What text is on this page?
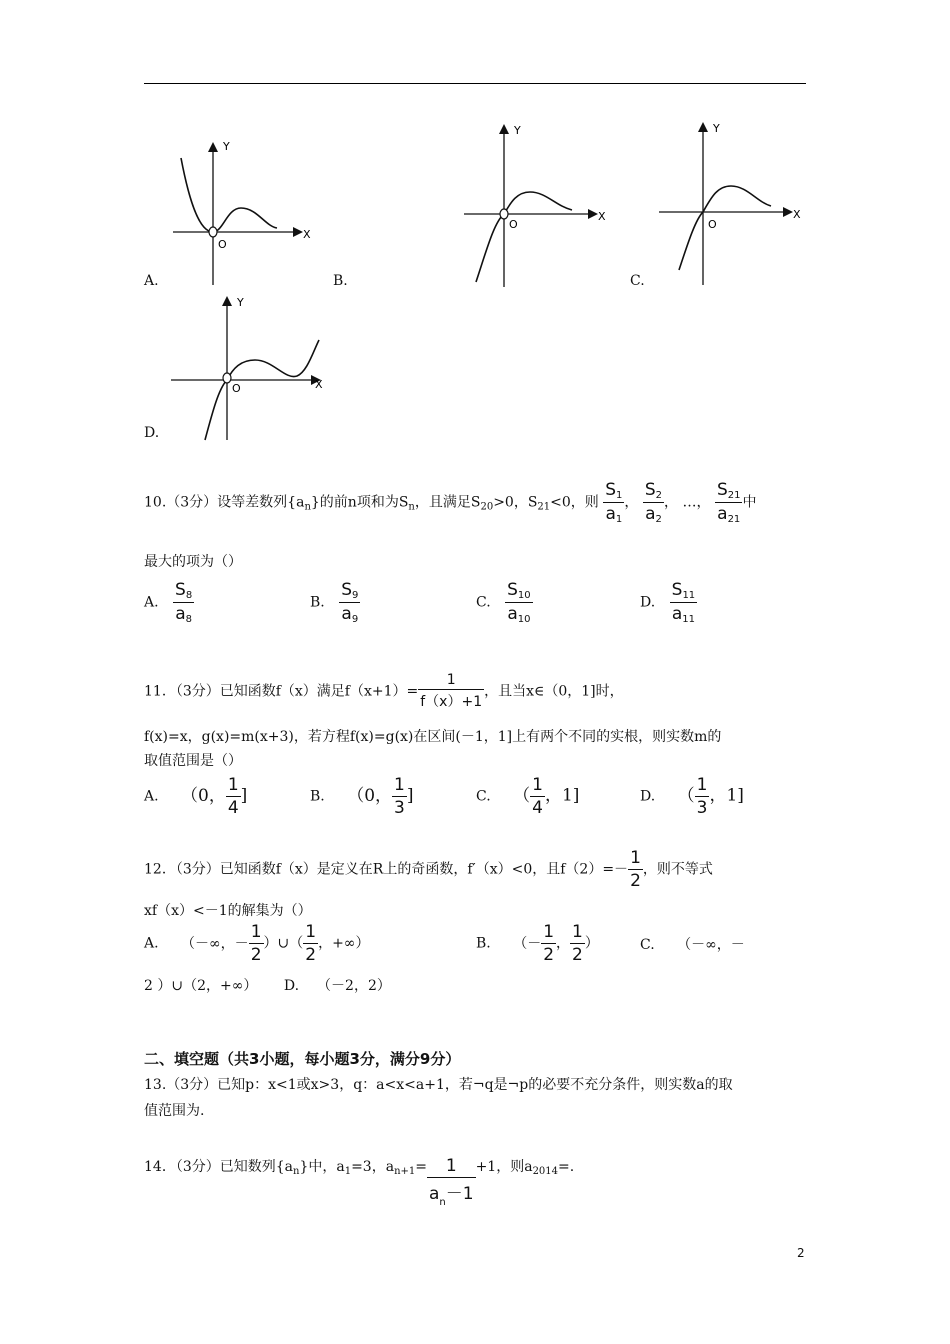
Y
X
O
A.
Y
X
O
B.
Y
X
O
C.
Y
X
O
D.
10.（3分）设等差数列$\{a_n\}$的前n项和为$S_n$，且满足$S_{20}>0$，$S_{21}<0$，则 $\frac{S_1}{a_1}$ ， $\frac{S_2}{a_2}$ ， …， $\frac{S_{21}}{a_{21}}$ 中
最大的项为（）
A. $\frac{S_8}{a_8}$	B. $\frac{S_9}{a_9}$	C. $\frac{S_{10}}{a_{10}}$	D. $\frac{S_{11}}{a_{11}}$
11．（3分）已知函数f（x）满足$f(x+1)= \frac{1}{f(x)+1}$ ，且当x∈（0，1]时，
f(x)=x，g(x)=m(x+3)，若方程f(x)=g(x)在区间(－1，1]上有两个不同的实根，则实数m的
取值范围是（）
A. （0， $\frac{1}{4}$ ]	B. （0， $\frac{1}{3}$ ]	C. （ $\frac{1}{4}$ ，1]	D. （ $\frac{1}{3}$ ，1]
12．（3分）已知函数f（x）是定义在R上的奇函数，f′（x）<0，且$f(2)=- \frac{1}{2}$ ，则不等式
xf（x）<－1的解集为（）
A. （－∞，－ $\frac{1}{2}$ ）∪（ $\frac{1}{2}$ ，+∞）	B. （－ $\frac{1}{2}$ ， $\frac{1}{2}$ ）	C. （－∞，－
2 ）∪（2，+∞） D. （－2，2）
二、填空题（共3小题，每小题3分，满分9分）
13.（3分）已知p：x<1或x>3，q：a<x<a+1，若¬q是¬p的必要不充分条件，则实数a的取
值范围为.
14．（3分）已知数列$\{a_n\}$中，$a_1=3$，$a_{n+1}= \frac{1}{a_n-1} +1$，则$a_{2014}=$.
2
